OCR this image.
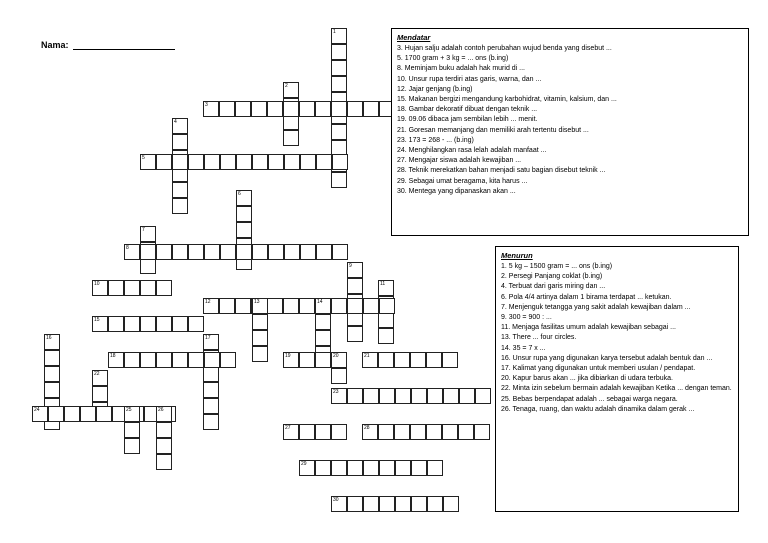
Nama:
1
2
3
4
5
6
7
8
9
10	11
12	14
13
15
16	17
18	19	20	21
22
23
24	25	26
27	28
29
30
Mendatar
3. Hujan salju adalah contoh perubahan wujud benda yang disebut ...
5. 1700 gram + 3 kg = ... ons (b.ing)
8. Meminjam buku adalah hak murid di ...
10. Unsur rupa terdiri atas garis, warna, dan ...
12. Jajar genjang (b.ing)
15. Makanan bergizi mengandung karbohidrat, vitamin, kalsium, dan ...
18. Gambar dekoratif dibuat dengan teknik ...
19. 09.06 dibaca jam sembilan lebih ... menit.
21. Goresan memanjang dan memiliki arah tertentu disebut ...
23. 173 = 268 - ... (b.ing)
24. Menghilangkan rasa lelah adalah manfaat ...
27. Mengajar siswa adalah kewajiban ...
28. Teknik merekatkan bahan menjadi satu bagian disebut teknik ...
29. Sebagai umat beragama, kita harus ...
30. Mentega yang dipanaskan akan ...
Menurun
1. 5 kg – 1500 gram = ... ons (b.ing)
2. Persegi Panjang coklat (b.ing)
4. Terbuat dari garis miring dan ...
6. Pola 4/4 artinya dalam 1 birama terdapat ... ketukan.
7. Menjenguk tetangga yang sakit adalah kewajiban dalam ...
9. 300 = 900 : ...
11. Menjaga fasilitas umum adalah kewajiban sebagai ...
13. There ... four circles.
14. 35 = 7 x ...
16. Unsur rupa yang digunakan karya tersebut adalah bentuk dan ...
17. Kalimat yang digunakan untuk memberi usulan / pendapat.
20. Kapur barus akan ... jika dibiarkan di udara terbuka.
22. Minta izin sebelum bermain adalah kewajiban Ketika ... dengan teman.
25. Bebas berpendapat adalah ... sebagai warga negara.
26. Tenaga, ruang, dan waktu adalah dinamika dalam gerak ...
